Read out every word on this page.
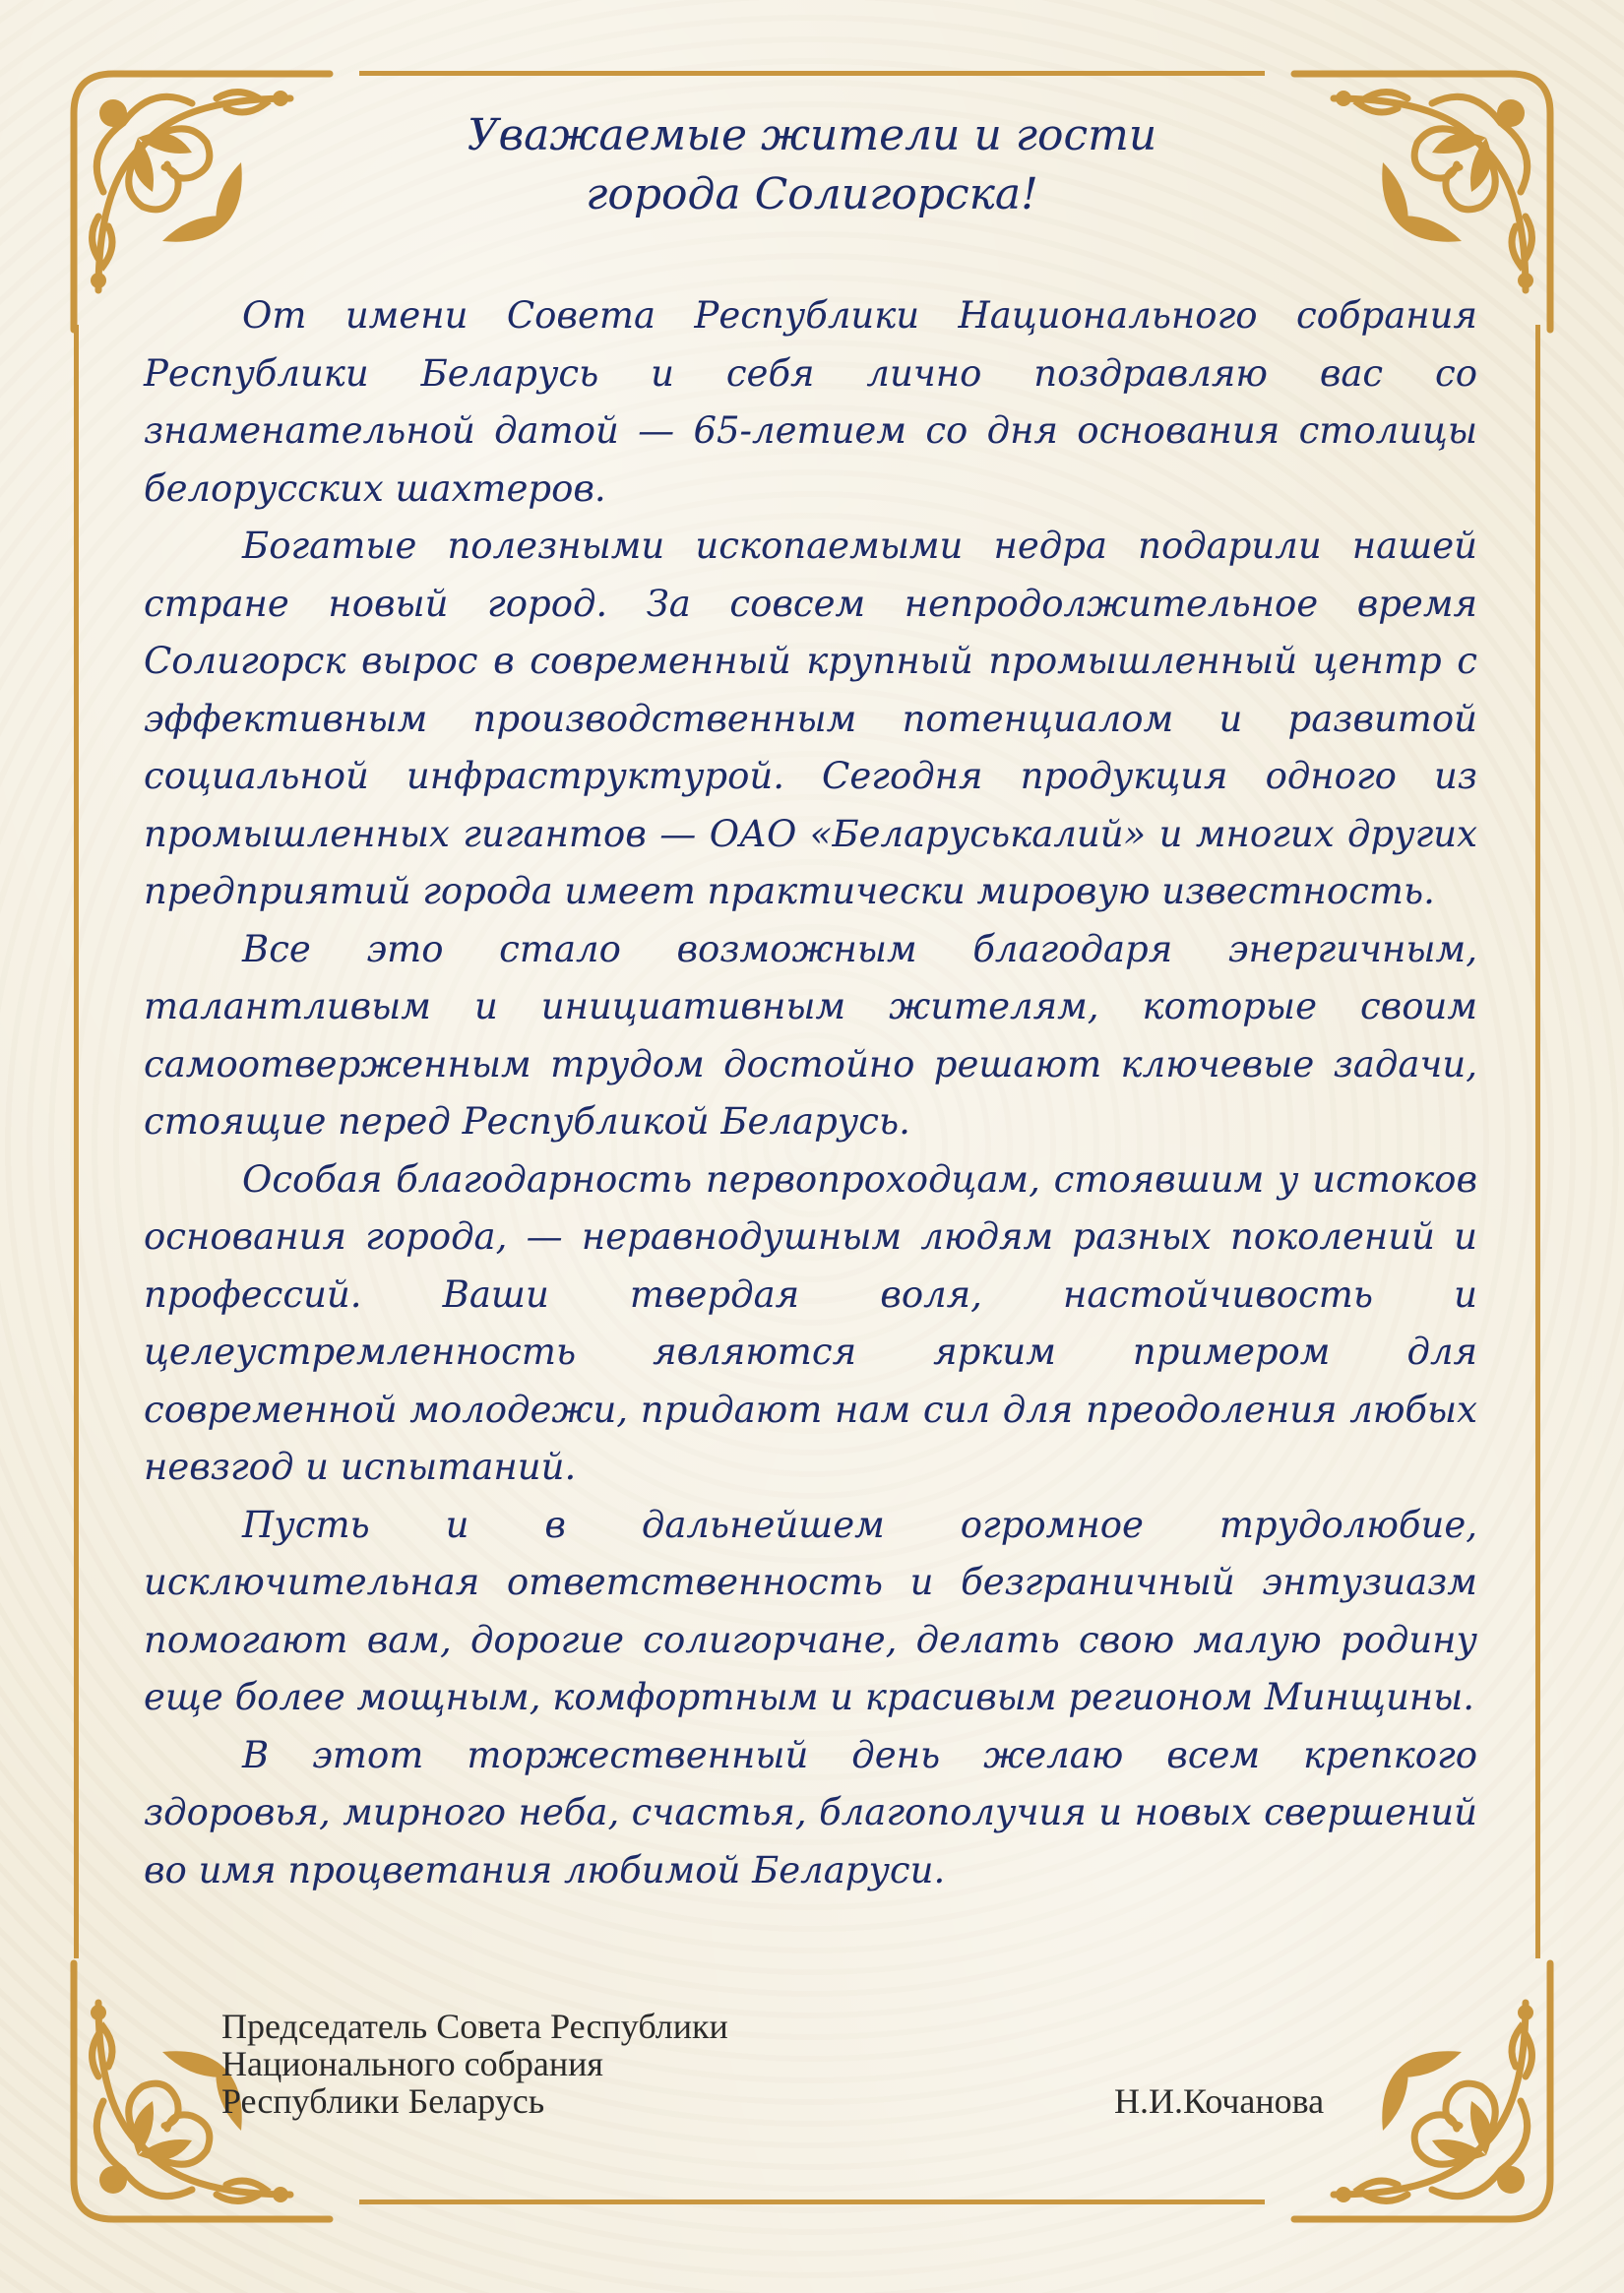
Уважаемые жители и гости
города Солигорска!

От имени Совета Республики Национального собрания Республики Беларусь и себя лично поздравляю вас со знаменательной датой — 65-летием со дня основания столицы белорусских шахтеров.

Богатые полезными ископаемыми недра подарили нашей стране новый город. За совсем непродолжительное время Солигорск вырос в современный крупный промышленный центр с эффективным производственным потенциалом и развитой социальной инфраструктурой. Сегодня продукция одного из промышленных гигантов — ОАО «Беларуськалий» и многих других предприятий города имеет практически мировую известность.

Все это стало возможным благодаря энергичным, талантливым и инициативным жителям, которые своим самоотверженным трудом достойно решают ключевые задачи, стоящие перед Республикой Беларусь.

Особая благодарность первопроходцам, стоявшим у истоков основания города, — неравнодушным людям разных поколений и профессий. Ваши твердая воля, настойчивость и целеустремленность являются ярким примером для современной молодежи, придают нам сил для преодоления любых невзгод и испытаний.

Пусть и в дальнейшем огромное трудолюбие, исключительная ответственность и безграничный энтузиазм помогают вам, дорогие солигорчане, делать свою малую родину еще более мощным, комфортным и красивым регионом Минщины.

В этот торжественный день желаю всем крепкого здоровья, мирного неба, счастья, благополучия и новых свершений во имя процветания любимой Беларуси.

Председатель Совета Республики
Национального собрания
Республики Беларусь	Н.И.Кочанова
